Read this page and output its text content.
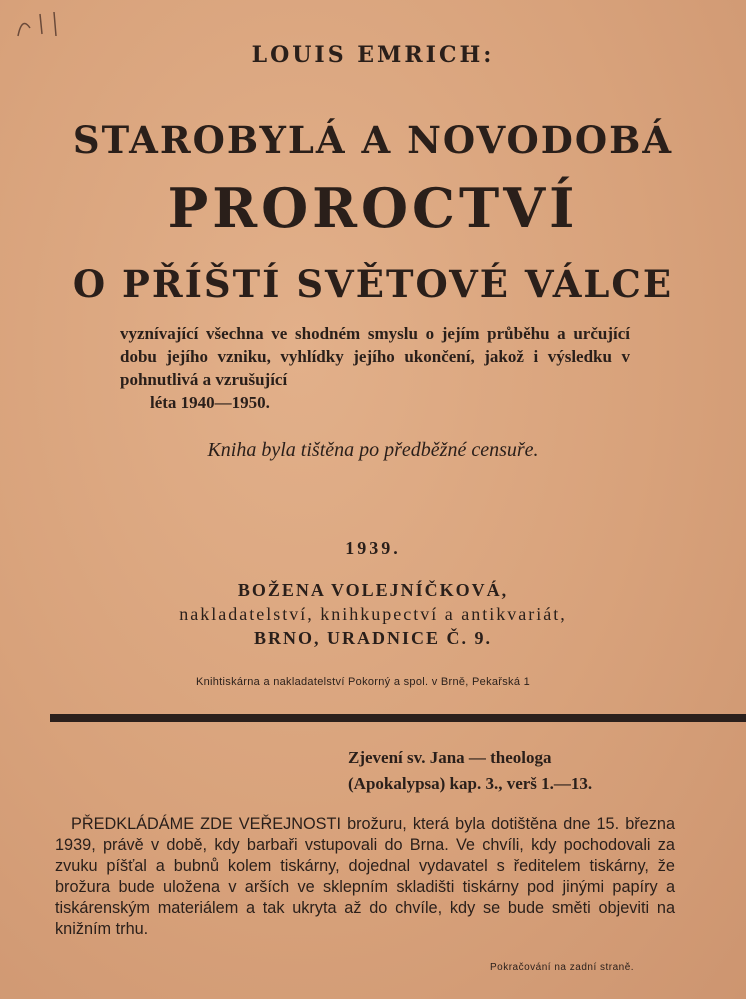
LOUIS EMRICH:
STAROBYLÁ A NOVODOBÁ
PROROCTVÍ
O PŘÍŠTÍ SVĚTOVÉ VÁLCE
vyznívající všechna ve shodném smyslu o jejím průběhu a určující dobu jejího vzniku, vyhlídky jejího ukončení, jakož i výsledku v pohnutlivá a vzrušující
léta 1940—1950.
Kniha byla tištěna po předběžné censuře.
1939.
BOŽENA VOLEJNÍČKOVÁ,
nakladatelství, knihkupectví a antikvariát,
BRNO, URADNICE Č. 9.
Knihtiskárna a nakladatelství Pokorný a spol. v Brně, Pekařská 1
Zjevení sv. Jana — theologa
(Apokalypsa) kap. 3., verš 1.—13.

PŘEDKLÁDÁME ZDE VEŘEJNOSTI brožuru, která byla dotištěna dne 15. března 1939, právě v době, kdy barbaři vstupovali do Brna. Ve chvíli, kdy pochodovali za zvuku píšťal a bubnů kolem tiskárny, dojednal vydavatel s ředitelem tiskárny, že brožura bude uložena v arších ve sklepním skladišti tiskárny pod jinými papíry a tiskárenským materiálem a tak ukryta až do chvíle, kdy se bude směti objeviti na knižním trhu.

Pokračování na zadní straně.
